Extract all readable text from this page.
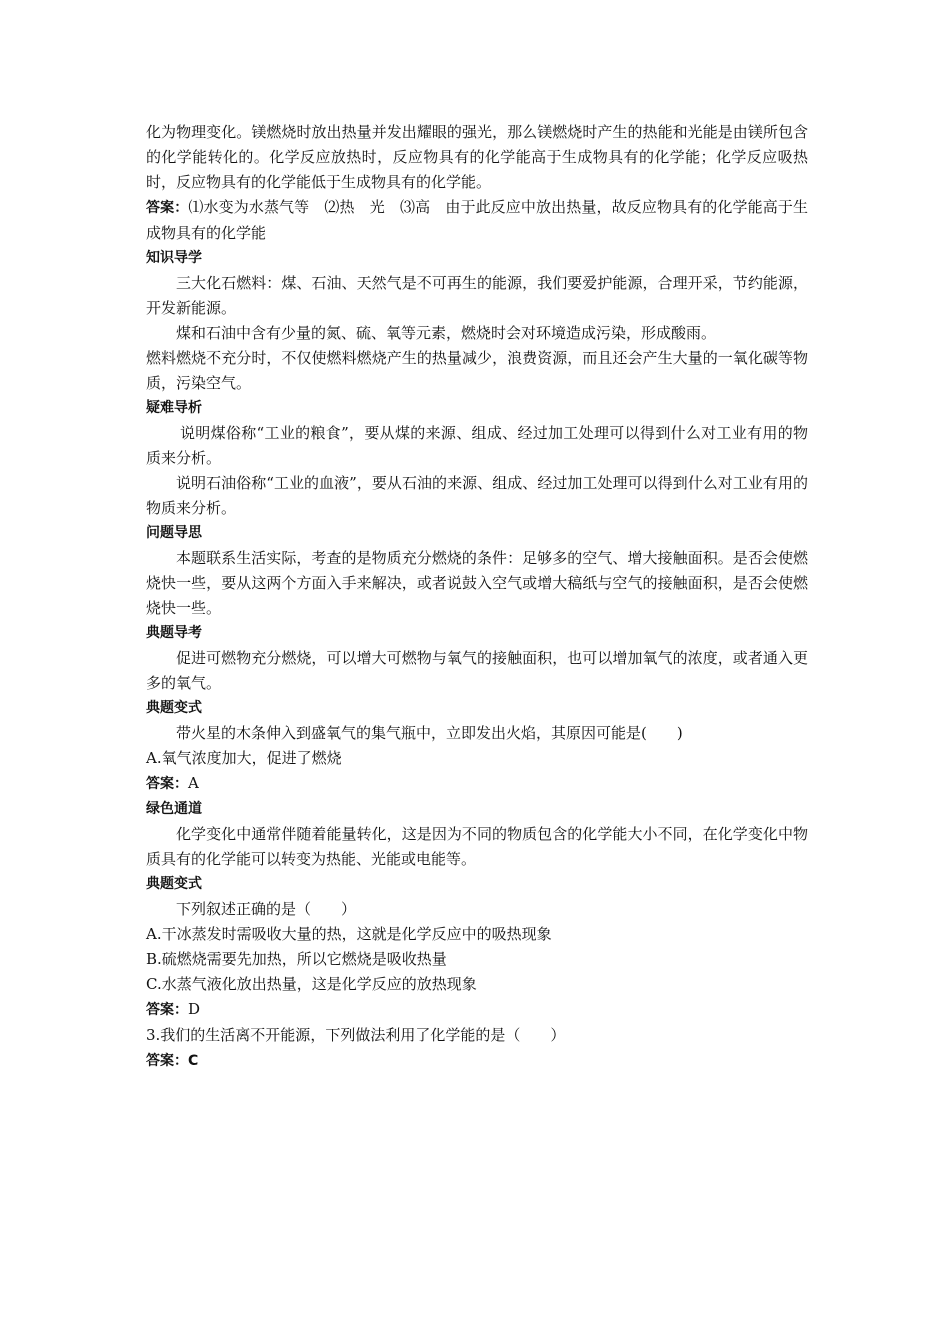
化为物理变化。镁燃烧时放出热量并发出耀眼的强光，那么镁燃烧时产生的热能和光能是由镁所包含的化学能转化的。化学反应放热时，反应物具有的化学能高于生成物具有的化学能；化学反应吸热时，反应物具有的化学能低于生成物具有的化学能。

答案：⑴水变为水蒸气等　⑵热　光　⑶高　由于此反应中放出热量，故反应物具有的化学能高于生成物具有的化学能

知识导学

三大化石燃料：煤、石油、天然气是不可再生的能源，我们要爱护能源，合理开采，节约能源，开发新能源。

煤和石油中含有少量的氮、硫、氧等元素，燃烧时会对环境造成污染，形成酸雨。

燃料燃烧不充分时，不仅使燃料燃烧产生的热量减少，浪费资源，而且还会产生大量的一氧化碳等物质，污染空气。

疑难导析

说明煤俗称“工业的粮食”，要从煤的来源、组成、经过加工处理可以得到什么对工业有用的物质来分析。

说明石油俗称“工业的血液”，要从石油的来源、组成、经过加工处理可以得到什么对工业有用的物质来分析。

问题导思

本题联系生活实际，考查的是物质充分燃烧的条件：足够多的空气、增大接触面积。是否会使燃烧快一些，要从这两个方面入手来解决，或者说鼓入空气或增大稿纸与空气的接触面积，是否会使燃烧快一些。

典题导考

促进可燃物充分燃烧，可以增大可燃物与氧气的接触面积，也可以增加氧气的浓度，或者通入更多的氧气。

典题变式

带火星的木条伸入到盛氧气的集气瓶中，立即发出火焰，其原因可能是(　　)

A.氧气浓度加大，促进了燃烧

答案：A

绿色通道

化学变化中通常伴随着能量转化，这是因为不同的物质包含的化学能大小不同，在化学变化中物质具有的化学能可以转变为热能、光能或电能等。

典题变式

下列叙述正确的是（　　）

A.干冰蒸发时需吸收大量的热，这就是化学反应中的吸热现象

B.硫燃烧需要先加热，所以它燃烧是吸收热量

C.水蒸气液化放出热量，这是化学反应的放热现象

答案：D

3.我们的生活离不开能源，下列做法利用了化学能的是（　　）

答案：C
